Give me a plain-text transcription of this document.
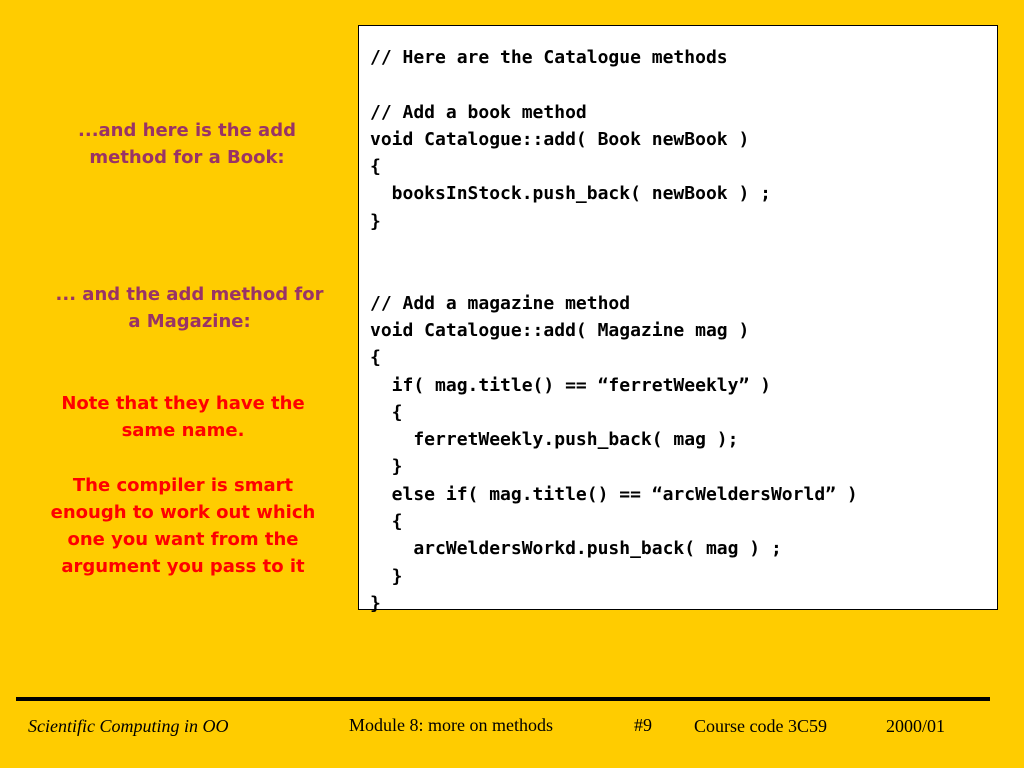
...and here is the add method for a Book:
... and the add method for a Magazine:
Note that they have the same name.
The compiler is smart enough to work out which one you want from the argument you pass to it
// Here are the Catalogue methods

// Add a book method
void Catalogue::add( Book newBook )
{
booksInStock.push_back( newBook ) ;
}

// Add a magazine method
void Catalogue::add( Magazine mag )
{
if( mag.title() == “ferretWeekly” )
{
ferretWeekly.push_back( mag );
}
else if( mag.title() == “arcWeldersWorld” )
{
arcWeldersWorkd.push_back( mag ) ;
}
}
Scientific Computing in OO	Module 8: more on methods	#9 Course code 3C59	2000/01
